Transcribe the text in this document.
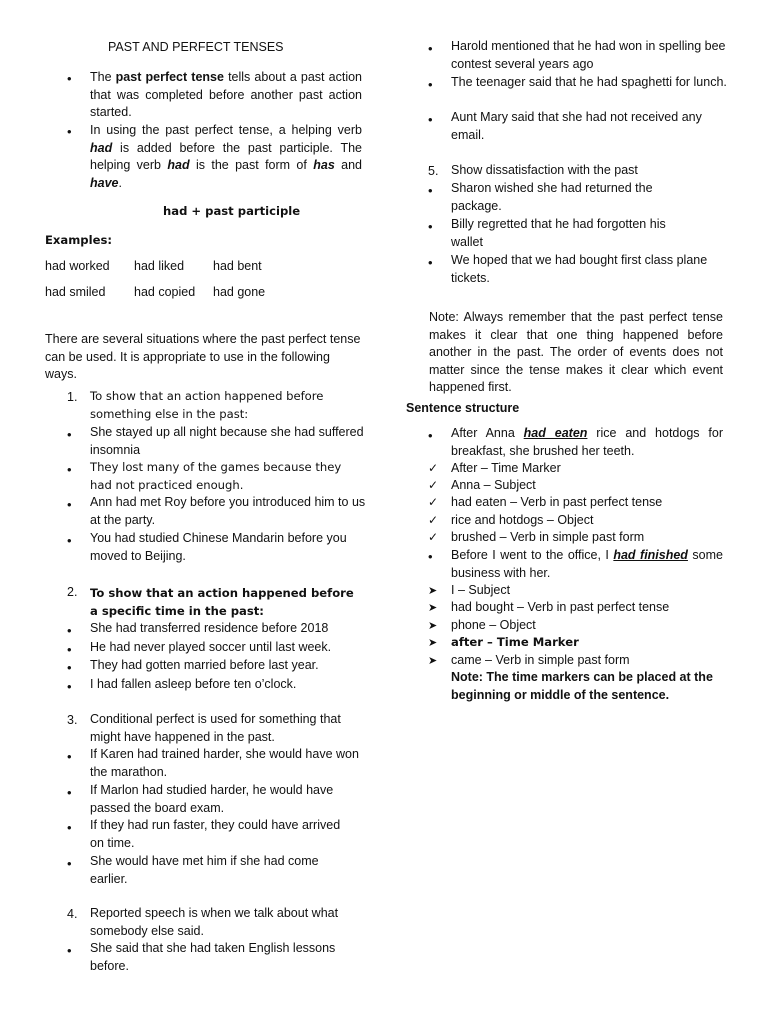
PAST AND PERFECT TENSES
• The past perfect tense tells about a past action that was completed before another past action started.

• In using the past perfect tense, a helping verb had is added before the past participle. The helping verb had is the past form of has and have.

had + past participle
Examples:
had worked had liked had bent
had smiled had copied had gone

There are several situations where the past perfect tense can be used. It is appropriate to use in the following ways.

1. To show that an action happened before something else in the past:

• She stayed up all night because she had suffered insomnia

• They lost many of the games because they had not practiced enough.

• Ann had met Roy before you introduced him to us at the party.

• You had studied Chinese Mandarin before you moved to Beijing.

2. To show that an action happened before a specific time in the past:

• She had transferred residence before 2018

• He had never played soccer until last week.

• They had gotten married before last year.

• I had fallen asleep before ten o’clock.

3. Conditional perfect is used for something that might have happened in the past.

• If Karen had trained harder, she would have won the marathon.

• If Marlon had studied harder, he would have passed the board exam.

• If they had run faster, they could have arrived on time.

• She would have met him if she had come earlier.

4. Reported speech is when we talk about what somebody else said.

• She said that she had taken English lessons before.

• Harold mentioned that he had won in spelling bee contest several years ago

• The teenager said that he had spaghetti for lunch.

• Aunt Mary said that she had not received any email.

5. Show dissatisfaction with the past

• Sharon wished she had returned the package.

• Billy regretted that he had forgotten his wallet

• We hoped that we had bought first class plane tickets.

Note: Always remember that the past perfect tense makes it clear that one thing happened before another in the past. The order of events does not matter since the tense makes it clear which event happened first.

Sentence structure
• After Anna had eaten rice and hotdogs for breakfast, she brushed her teeth.

✓ After – Time Marker

✓ Anna – Subject

✓ had eaten – Verb in past perfect tense

✓ rice and hotdogs – Object

✓ brushed – Verb in simple past form

• Before I went to the office, I had finished some business with her.

➤ I – Subject

➤ had bought – Verb in past perfect tense

➤ phone – Object

➤ after – Time Marker

➤ came – Verb in simple past form

Note: The time markers can be placed at the beginning or middle of the sentence.
